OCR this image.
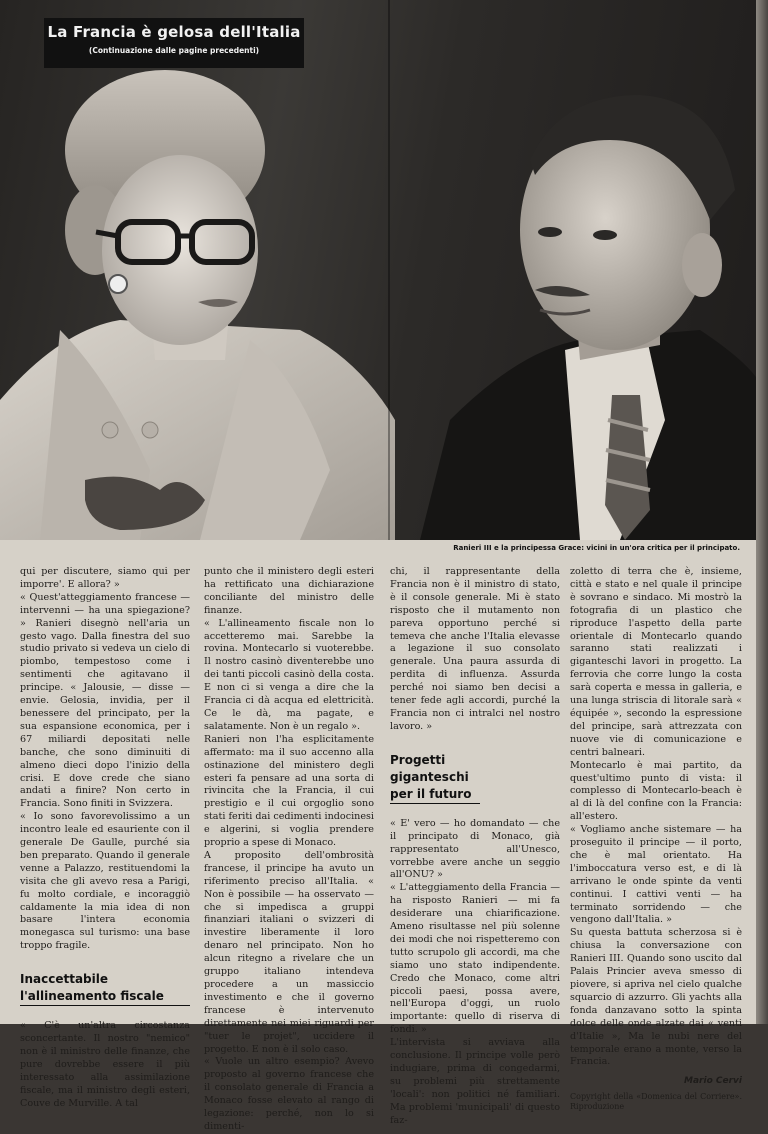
La Francia è gelosa dell'Italia
(Continuazione dalle pagine precedenti)
Ranieri III e la principessa Grace: vicini in un'ora critica per il principato.

qui per discutere, siamo qui per imporre'. E allora? »

« Quest'atteggiamento francese — intervenni — ha una spiegazione? » Ranieri disegnò nell'aria un gesto vago. Dalla finestra del suo studio privato si vedeva un cielo di piombo, tempestoso come i sentimenti che agitavano il principe. « Jalousie, — disse — envie. Gelosia, invidia, per il benessere del principato, per la sua espansione economica, per i 67 miliardi depositati nelle banche, che sono diminuiti di almeno dieci dopo l'inizio della crisi. E dove crede che siano andati a finire? Non certo in Francia. Sono finiti in Svizzera.

« Io sono favorevolissimo a un incontro leale ed esauriente con il generale De Gaulle, purché sia ben preparato. Quando il generale venne a Palazzo, restituendomi la visita che gli avevo resa a Parigi, fu molto cordiale, e incoraggiò caldamente la mia idea di non basare l'intera economia monegasca sul turismo: una base troppo fragile.

Inaccettabile l'allineamento fiscale

« C'è un'altra circostanza sconcertante. Il nostro "nemico" non è il ministro delle finanze, che pure dovrebbe essere il più interessato alla assimilazione fiscale, ma il ministro degli esteri, Couve de Murville. A tal

punto che il ministero degli esteri ha rettificato una dichiarazione conciliante del ministro delle finanze.

« L'allineamento fiscale non lo accetteremo mai. Sarebbe la rovina. Montecarlo si vuoterebbe. Il nostro casinò diventerebbe uno dei tanti piccoli casinò della costa. E non ci si venga a dire che la Francia ci dà acqua ed elettricità. Ce le dà, ma pagate, e salatamente. Non è un regalo ».

Ranieri non l'ha esplicitamente affermato: ma il suo accenno alla ostinazione del ministero degli esteri fa pensare ad una sorta di rivincita che la Francia, il cui prestigio e il cui orgoglio sono stati feriti dai cedimenti indocinesi e algerini, si voglia prendere proprio a spese di Monaco.

A proposito dell'ombrosità francese, il principe ha avuto un riferimento preciso all'Italia. « Non è possibile — ha osservato — che si impedisca a gruppi finanziari italiani o svizzeri di investire liberamente il loro denaro nel principato. Non ho alcun ritegno a rivelare che un gruppo italiano intendeva procedere a un massiccio investimento e che il governo francese è intervenuto direttamente nei miei riguardi per "tuer le projet", uccidere il progetto. E non è il solo caso.

« Vuole un altro esempio? Avevo proposto al governo francese che il consolato generale di Francia a Monaco fosse elevato al rango di legazione: perché, non lo si dimenti-

chi, il rappresentante della Francia non è il ministro di stato, è il console generale. Mi è stato risposto che il mutamento non pareva opportuno perché si temeva che anche l'Italia elevasse a legazione il suo consolato generale. Una paura assurda di perdita di influenza. Assurda perché noi siamo ben decisi a tener fede agli accordi, purché la Francia non ci intralci nel nostro lavoro. »

Progetti giganteschi per il futuro

« E' vero — ho domandato — che il principato di Monaco, già rappresentato all'Unesco, vorrebbe avere anche un seggio all'ONU? »

« L'atteggiamento della Francia — ha risposto Ranieri — mi fa desiderare una chiarificazione. Ameno risultasse nel più solenne dei modi che noi rispetteremo con tutto scrupolo gli accordi, ma che siamo uno stato indipendente. Credo che Monaco, come altri piccoli paesi, possa avere, nell'Europa d'oggi, un ruolo importante: quello di riserva di fondi. »

L'intervista si avviava alla conclusione. Il principe volle però indugiare, prima di congedarmi, su problemi più strettamente 'locali': non politici né familiari. Ma problemi 'municipali' di questo faz-

zoletto di terra che è, insieme, città e stato e nel quale il principe è sovrano e sindaco. Mi mostrò la fotografia di un plastico che riproduce l'aspetto della parte orientale di Montecarlo quando saranno stati realizzati i giganteschi lavori in progetto. La ferrovia che corre lungo la costa sarà coperta e messa in galleria, e una lunga striscia di litorale sarà « équipée », secondo la espressione del principe, sarà attrezzata con nuove vie di comunicazione e centri balneari.

Montecarlo è mai partito, da quest'ultimo punto di vista: il complesso di Montecarlo-beach è al di là del confine con la Francia: all'estero.

« Vogliamo anche sistemare — ha proseguito il principe — il porto, che è mal orientato. Ha l'imboccatura verso est, e di là arrivano le onde spinte da venti continui. I cattivi venti — ha terminato sorridendo — che vengono dall'Italia. »

Su questa battuta scherzosa si è chiusa la conversazione con Ranieri III. Quando sono uscito dal Palais Princier aveva smesso di piovere, si apriva nel cielo qualche squarcio di azzurro. Gli yachts alla fonda danzavano sotto la spinta dolce delle onde alzate dai « venti d'Italie », Ma le nubi nere del temporale erano a monte, verso la Francia.

Mario Cervi
Copyright della «Domenica del Corriere». Riproduzione
